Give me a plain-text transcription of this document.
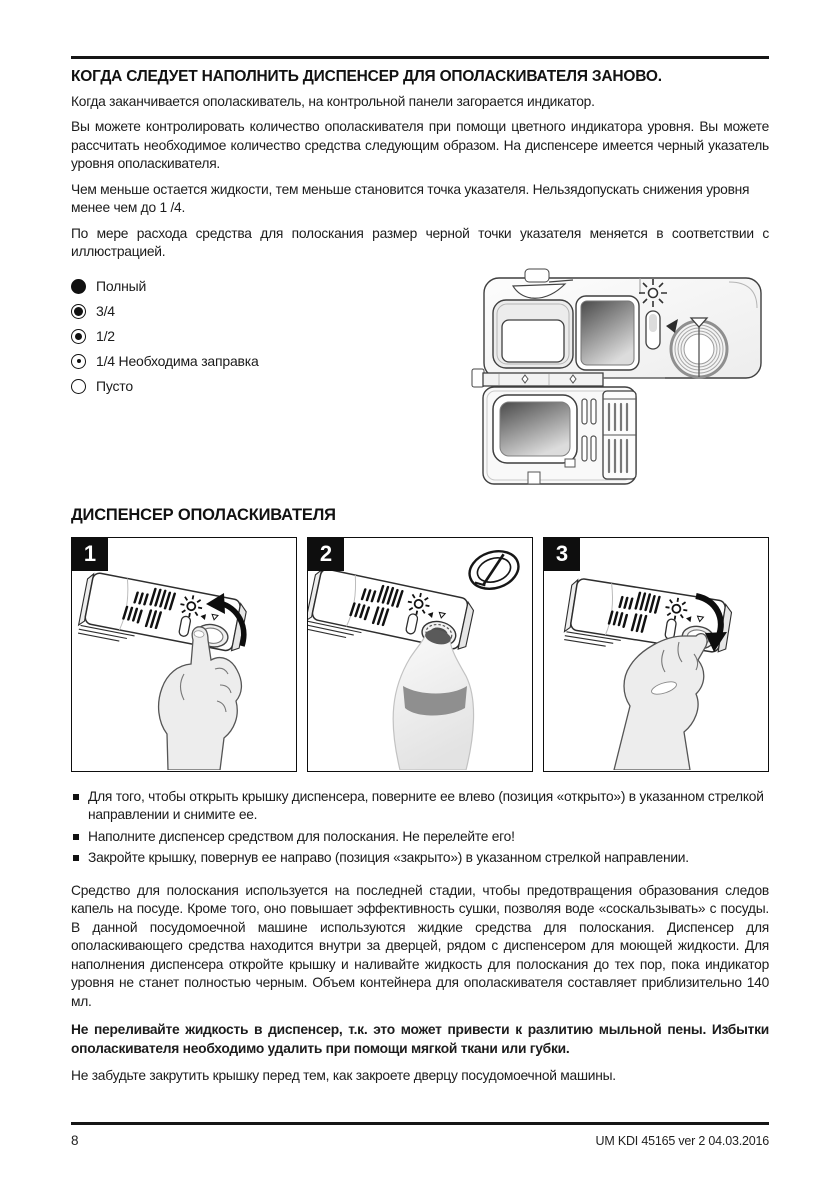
КОГДА СЛЕДУЕТ НАПОЛНИТЬ ДИСПЕНСЕР ДЛЯ ОПОЛАСКИВАТЕЛЯ ЗАНОВО.

Когда заканчивается ополаскиватель, на контрольной панели загорается индикатор.

Вы можете контролировать количество ополаскивателя при помощи цветного индикатора уровня. Вы можете рассчитать необходимое количество средства следующим образом. На диспенсере имеется черный указатель уровня ополаскивателя.

Чем меньше остается жидкости, тем меньше становится точка указателя. Нельзядопускать снижения уровня менее чем до 1 /4.

По мере расхода средства для полоскания размер черной точки указателя меняется в соответствии с иллюстрацией.

Полный
3/4
1/2
1/4 Необходима заправка
Пусто
ДИСПЕНСЕР ОПОЛАСКИВАТЕЛЯ
1	2	3
Для того, чтобы открыть крышку диспенсера, поверните ее влево (позиция «открыто») в указанном стрелкой направлении и снимите ее.
Наполните диспенсер средством для полоскания. Не перелейте его!
Закройте крышку, повернув ее направо (позиция «закрыто») в указанном стрелкой направлении.

Средство для полоскания используется на последней стадии, чтобы предотвращения образования следов капель на посуде. Кроме того, оно повышает эффективность сушки, позволяя воде «соскальзывать» с посуды. В данной посудомоечной машине используются жидкие средства для полоскания. Диспенсер для ополаскивающего средства находится внутри за дверцей, рядом с диспенсером для моющей жидкости. Для наполнения диспенсера откройте крышку и наливайте жидкость для полоскания до тех пор, пока индикатор уровня не станет полностью черным. Объем контейнера для ополаскивателя составляет приблизительно 140 мл.

Не переливайте жидкость в диспенсер, т.к. это может привести к разлитию мыльной пены. Избытки ополаскивателя необходимо удалить при помощи мягкой ткани или губки.

Не забудьте закрутить крышку перед тем, как закроете дверцу посудомоечной машины.

8	UM KDI 45165 ver 2 04.03.2016
